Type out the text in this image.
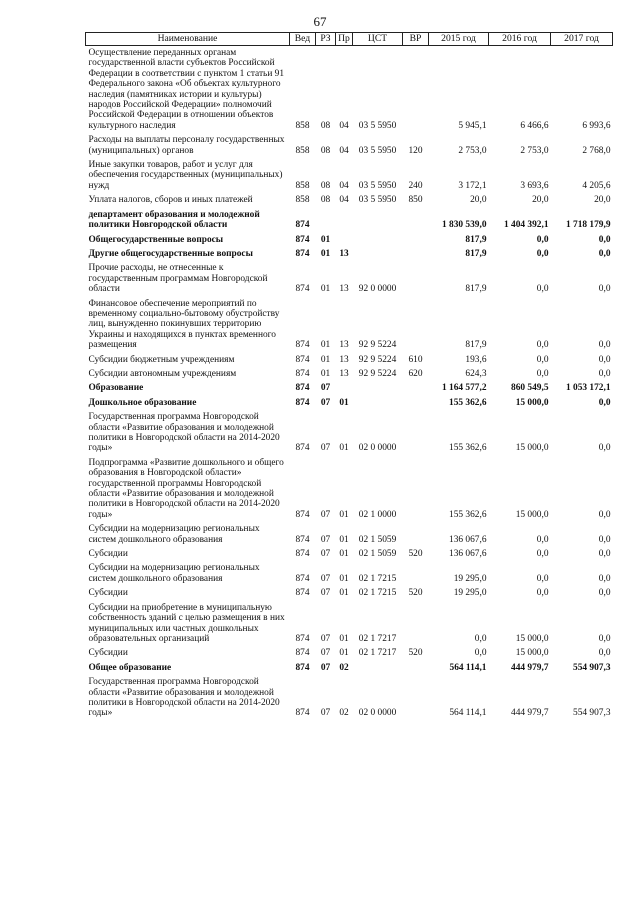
67
Наименование	Вед	РЗ	Пр	ЦСТ	ВР	2015 год	2016 год	2017 год
Осуществление переданных органам государственной власти субъектов Российской Федерации в соответствии с пунктом 1 статьи 91 Федерального закона «Об объектах культурного наследия (памятниках истории и культуры) народов Российской Федерации» полномочий Российской Федерации в отношении объектов культурного наследия	858	08	04	03 5 5950		5 945,1	6 466,6	6 993,6
Расходы на выплаты персоналу государственных (муниципальных) органов	858	08	04	03 5 5950	120	2 753,0	2 753,0	2 768,0
Иные закупки товаров, работ и услуг для обеспечения государственных (муниципальных) нужд	858	08	04	03 5 5950	240	3 172,1	3 693,6	4 205,6
Уплата налогов, сборов и иных платежей	858	08	04	03 5 5950	850	20,0	20,0	20,0
департамент образования и молодежной политики Новгородской области	874					1 830 539,0	1 404 392,1	1 718 179,9
Общегосударственные вопросы	874	01				817,9	0,0	0,0
Другие общегосударственные вопросы	874	01	13			817,9	0,0	0,0
Прочие расходы, не отнесенные к государственным программам Новгородской области	874	01	13	92 0 0000		817,9	0,0	0,0
Финансовое обеспечение мероприятий по временному социально-бытовому обустройству лиц, вынужденно покинувших территорию Украины и находящихся в пунктах временного размещения	874	01	13	92 9 5224		817,9	0,0	0,0
Субсидии бюджетным учреждениям	874	01	13	92 9 5224	610	193,6	0,0	0,0
Субсидии автономным учреждениям	874	01	13	92 9 5224	620	624,3	0,0	0,0
Образование	874	07				1 164 577,2	860 549,5	1 053 172,1
Дошкольное образование	874	07	01			155 362,6	15 000,0	0,0
Государственная программа Новгородской области «Развитие образования и молодежной политики в Новгородской области на 2014-2020 годы»	874	07	01	02 0 0000		155 362,6	15 000,0	0,0
Подпрограмма «Развитие дошкольного и общего образования в Новгородской области» государственной программы Новгородской области «Развитие образования и молодежной политики в Новгородской области на 2014-2020 годы»	874	07	01	02 1 0000		155 362,6	15 000,0	0,0
Субсидии на модернизацию региональных систем дошкольного образования	874	07	01	02 1 5059		136 067,6	0,0	0,0
Субсидии	874	07	01	02 1 5059	520	136 067,6	0,0	0,0
Субсидии на модернизацию региональных систем дошкольного образования	874	07	01	02 1 7215		19 295,0	0,0	0,0
Субсидии	874	07	01	02 1 7215	520	19 295,0	0,0	0,0
Субсидии на приобретение в муниципальную собственность зданий с целью размещения в них муниципальных или частных дошкольных образовательных организаций	874	07	01	02 1 7217		0,0	15 000,0	0,0
Субсидии	874	07	01	02 1 7217	520	0,0	15 000,0	0,0
Общее образование	874	07	02			564 114,1	444 979,7	554 907,3
Государственная программа Новгородской области «Развитие образования и молодежной политики в Новгородской области на 2014-2020 годы»	874	07	02	02 0 0000		564 114,1	444 979,7	554 907,3
